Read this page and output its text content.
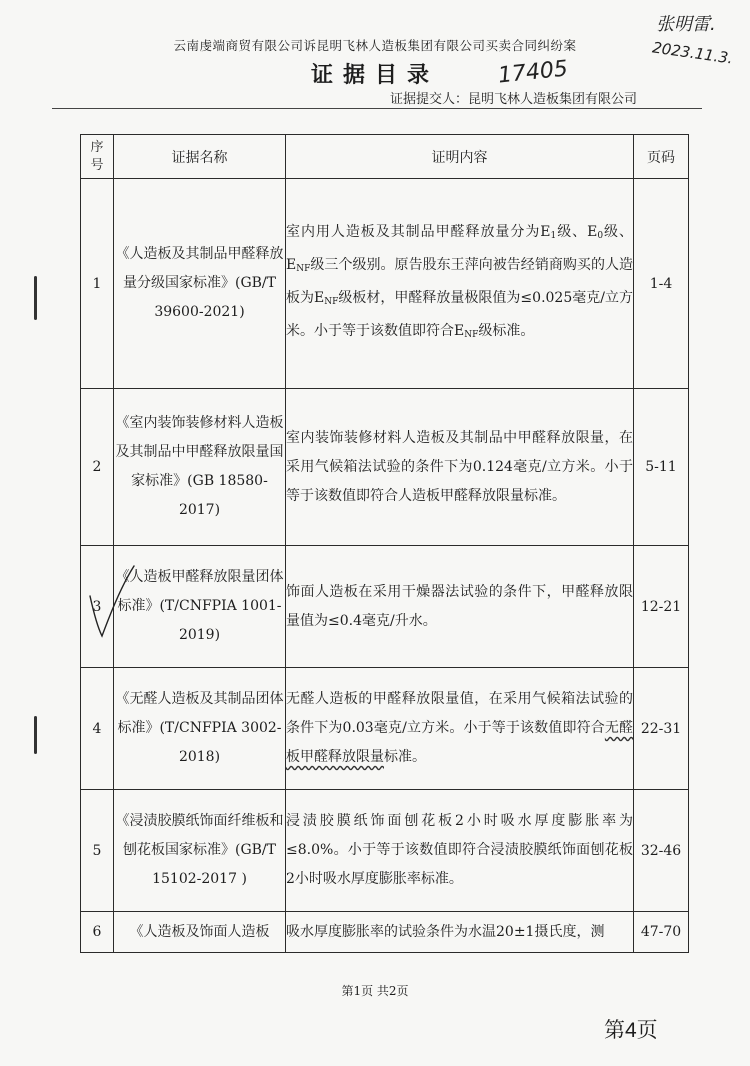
云南虔端商贸有限公司诉昆明飞林人造板集团有限公司买卖合同纠纷案
证据目录
证据提交人：昆明飞林人造板集团有限公司
17405
张明雷.
2023.11.3.
序号	证据名称	证明内容	页码
1	《人造板及其制品甲醛释放量分级国家标准》(GB/T 39600-2021)	室内用人造板及其制品甲醛释放量分为$E_1$级、$E_0$级、$E_{NF}$级三个级别。原告股东王萍向被告经销商购买的人造板为$E_{NF}$级板材，甲醛释放量极限值为≤0.025毫克/立方米。小于等于该数值即符合$E_{NF}$级标准。	1-4
2	《室内装饰装修材料人造板及其制品中甲醛释放限量国家标准》(GB 18580-2017)	室内装饰装修材料人造板及其制品中甲醛释放限量，在采用气候箱法试验的条件下为0.124毫克/立方米。小于等于该数值即符合人造板甲醛释放限量标准。	5-11
3	《人造板甲醛释放限量团体标准》(T/CNFPIA 1001-2019)	饰面人造板在采用干燥器法试验的条件下，甲醛释放限量值为≤0.4毫克/升水。	12-21
4	《无醛人造板及其制品团体标准》(T/CNFPIA 3002-2018)	无醛人造板的甲醛释放限量值，在采用气候箱法试验的条件下为0.03毫克/立方米。小于等于该数值即符合无醛板甲醛释放限量标准。	22-31
5	《浸渍胶膜纸饰面纤维板和刨花板国家标准》(GB/T 15102-2017 )	浸渍胶膜纸饰面刨花板2小时吸水厚度膨胀率为≤8.0%。小于等于该数值即符合浸渍胶膜纸饰面刨花板2小时吸水厚度膨胀率标准。	32-46
6	《人造板及饰面人造板	吸水厚度膨胀率的试验条件为水温20±1摄氏度，测	47-70
第1页 共2页
第4页
